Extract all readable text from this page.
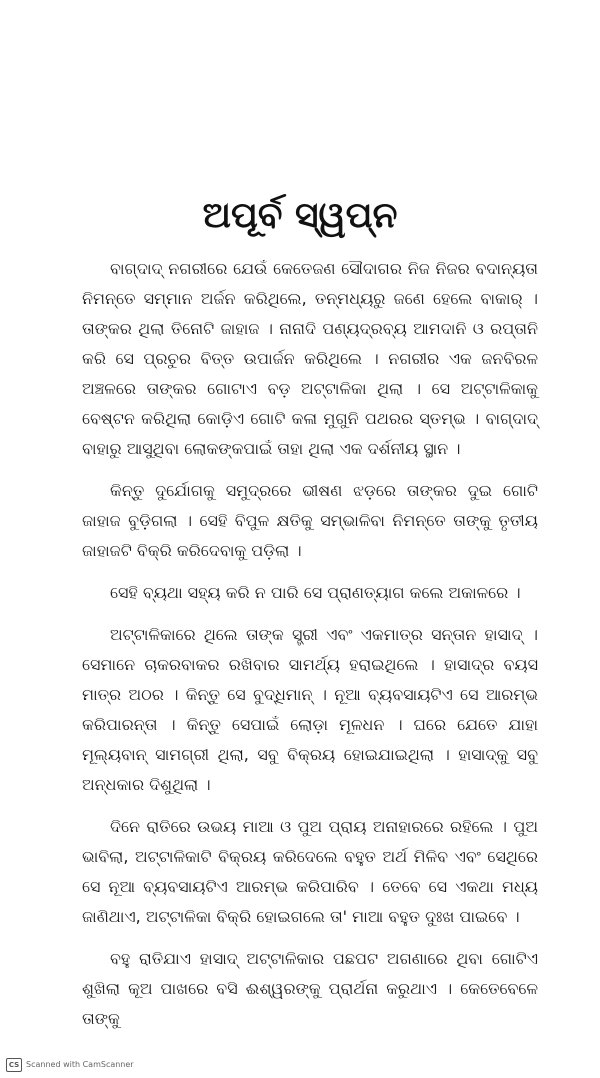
ଅପୂର୍ବ ସ୍ୱପ୍ନ

ବାଗ୍‌ଦାଦ୍ ନଗରୀରେ ଯେଉଁ କେତେଜଣ ସୌଦାଗର ନିଜ ନିଜର ବଦାନ୍ୟତା ନିମନ୍ତେ ସମ୍ମାନ ଅର୍ଜନ କରିଥିଲେ, ତନ୍ମଧ୍ୟରୁ ଜଣେ ହେଲେ ବାକାର୍ । ତାଙ୍କର ଥିଲା ତିନୋଟି ଜାହାଜ । ନାନାଦି ପଣ୍ୟଦ୍ରବ୍ୟ ଆମଦାନି ଓ ରପ୍ତାନି କରି ସେ ପ୍ରଚୁର ବିତ୍ତ ଉପାର୍ଜନ କରିଥିଲେ । ନଗରୀର ଏକ ଜନବିରଳ ଅଞ୍ଚଳରେ ତାଙ୍କର ଗୋଟାଏ ବଡ଼ ଅଟ୍ଟାଳିକା ଥିଲା । ସେ ଅଟ୍ଟାଳିକାକୁ ବେଷ୍ଟନ କରିଥିଲା କୋଡ଼ିଏ ଗୋଟି କଳା ମୁଗୁନି ପଥରର ସ୍ତମ୍ଭ । ବାଗ୍‌ଦାଦ୍ ବାହାରୁ ଆସୁଥିବା ଲୋକଙ୍କପାଇଁ ତାହା ଥିଲା ଏକ ଦର୍ଶନୀୟ ସ୍ଥାନ ।

କିନ୍ତୁ ଦୁର୍ଯୋଗକୁ ସମୁଦ୍ରରେ ଭୀଷଣ ଝଡ଼ରେ ତାଙ୍କର ଦୁଇ ଗୋଟି ଜାହାଜ ବୁଡ଼ିଗଲା । ସେହି ବିପୁଳ କ୍ଷତିକୁ ସମ୍ଭାଳିବା ନିମନ୍ତେ ତାଙ୍କୁ ତୃତୀୟ ଜାହାଜଟି ବିକ୍ରି କରିଦେବାକୁ ପଡ଼ିଲା ।

ସେହି ବ୍ୟଥା ସହ୍ୟ କରି ନ ପାରି ସେ ପ୍ରାଣତ୍ୟାଗ କଲେ ଅକାଳରେ ।

ଅଟ୍ଟାଳିକାରେ ଥିଲେ ତାଙ୍କ ସ୍ତ୍ରୀ ଏବଂ ଏକମାତ୍ର ସନ୍ତାନ ହାସାଦ୍ । ସେମାନେ ଚାକରବାକର ରଖିବାର ସାମର୍ଥ୍ୟ ହରାଇଥିଲେ । ହାସାଦ୍‌ର ବୟସ ମାତ୍ର ଅଠର । କିନ୍ତୁ ସେ ବୁଦ୍ଧିମାନ୍ । ନୂଆ ବ୍ୟବସାୟଟିଏ ସେ ଆରମ୍ଭ କରିପାରନ୍ତା । କିନ୍ତୁ ସେପାଇଁ ଲୋଡ଼ା ମୂଳଧନ । ଘରେ ଯେତେ ଯାହା ମୂଲ୍ୟବାନ୍ ସାମଗ୍ରୀ ଥିଲା, ସବୁ ବିକ୍ରୟ ହୋଇଯାଇଥିଲା । ହାସାଦ୍‌କୁ ସବୁ ଅନ୍ଧକାର ଦିଶୁଥିଲା ।

ଦିନେ ରାତିରେ ଉଭୟ ମାଆ ଓ ପୁଅ ପ୍ରାୟ ଅନାହାରରେ ରହିଲେ । ପୁଅ ଭାବିଲା, ଅଟ୍ଟାଳିକାଟି ବିକ୍ରୟ କରିଦେଲେ ବହୁତ ଅର୍ଥ ମିଳିବ ଏବଂ ସେଥିରେ ସେ ନୂଆ ବ୍ୟବସାୟଟିଏ ଆରମ୍ଭ କରିପାରିବ । ତେବେ ସେ ଏକଥା ମଧ୍ୟ ଜାଣିଥାଏ, ଅଟ୍ଟାଳିକା ବିକ୍ରି ହୋଇଗଲେ ତା' ମାଆ ବହୁତ ଦୁଃଖ ପାଇବେ ।

ବହୁ ରାତିଯାଏ ହାସାଦ୍ ଅଟ୍ଟାଳିକାର ପଛପଟ ଅଗଣାରେ ଥିବା ଗୋଟିଏ ଶୁଖିଲା କୂଅ ପାଖରେ ବସି ଈଶ୍ୱରଙ୍କୁ ପ୍ରାର୍ଥନା କରୁଥାଏ । କେତେବେଳେ ତାଙ୍କୁ

CS Scanned with CamScanner
